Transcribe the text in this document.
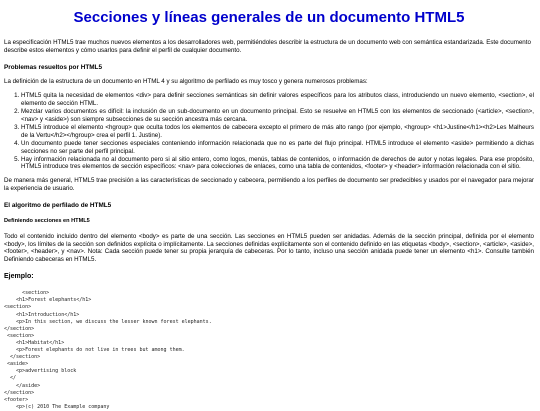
Secciones y líneas generales de un documento HTML5

La especificación HTML5 trae muchos nuevos elementos a los desarrolladores web, permitiéndoles describir la estructura de un documento web con semántica estandarizada. Este documento describe estos elementos y cómo usarlos para definir el perfil de cualquier documento.

Problemas resueltos por HTML5

La definición de la estructura de un documento en HTML 4 y su algoritmo de perfilado es muy tosco y genera numerosos problemas:

1. HTML5 quita la necesidad de elementos <div> para definir secciones semánticas sin definir valores específicos para los atributos class, introduciendo un nuevo elemento, <section>, el elemento de sección HTML.
2. Mezclar varios documentos es difícil: la inclusión de un sub-documento en un documento principal. Esto se resuelve en HTML5 con los elementos de seccionado (<article>, <section>, <nav> y <aside>) son siempre subsecciones de su sección ancestra más cercana.
3. HTML5 introduce el elemento <hgroup> que oculta todos los elementos de cabecera excepto el primero de más alto rango (por ejemplo, <hgroup> <h1>Justine</h1><h2>Les Malheurs de la Vertu</h2></hgroup> crea el perfil 1. Justine).
4. Un documento puede tener secciones especiales conteniendo información relacionada que no es parte del flujo principal. HTML5 introduce el elemento <aside> permitiendo a dichas secciones no ser parte del perfil principal.
5. Hay información relacionada no al documento pero si al sitio entero, como logos, menús, tablas de contenidos, o información de derechos de autor y notas legales. Para ese propósito, HTML5 introduce tres elementos de sección específicos: <nav> para colecciones de enlaces, como una tabla de contenidos, <footer> y <header> información relacionada con el sitio.

De manera más general, HTML5 trae precisión a las características de seccionado y cabecera, permitiendo a los perfiles de documento ser predecibles y usados por el navegador para mejorar la experiencia de usuario.

El algoritmo de perfilado de HTML5
Definiendo secciones en HTML5

Todo el contenido incluido dentro del elemento <body> es parte de una sección. Las secciones en HTML5 pueden ser anidadas. Además de la sección principal, definida por el elemento <body>, los límites de la sección son definidos explícita o implícitamente. La secciones definidas explícitamente son el contenido definido en las etiquetas <body>, <section>, <article>, <aside>, <footer>, <header>, y <nav>. Nota: Cada sección puede tener su propia jerarquía de cabeceras. Por lo tanto, incluso una sección anidada puede tener un elemento <h1>. Consulte también Definiendo cabeceras en HTML5.

Ejemplo:
<section>
<h1>Forest elephants</h1>
<section>
<h1>Introduction</h1>
<p>In this section, we discuss the lesser known forest elephants.
</section>
<section>
<h1>Habitat</h1>
<p>Forest elephants do not live in trees but among them.
</section>
<aside>
<p>advertising block
</
</aside>
</section>
<footer>
<p>(c) 2010 The Example company
